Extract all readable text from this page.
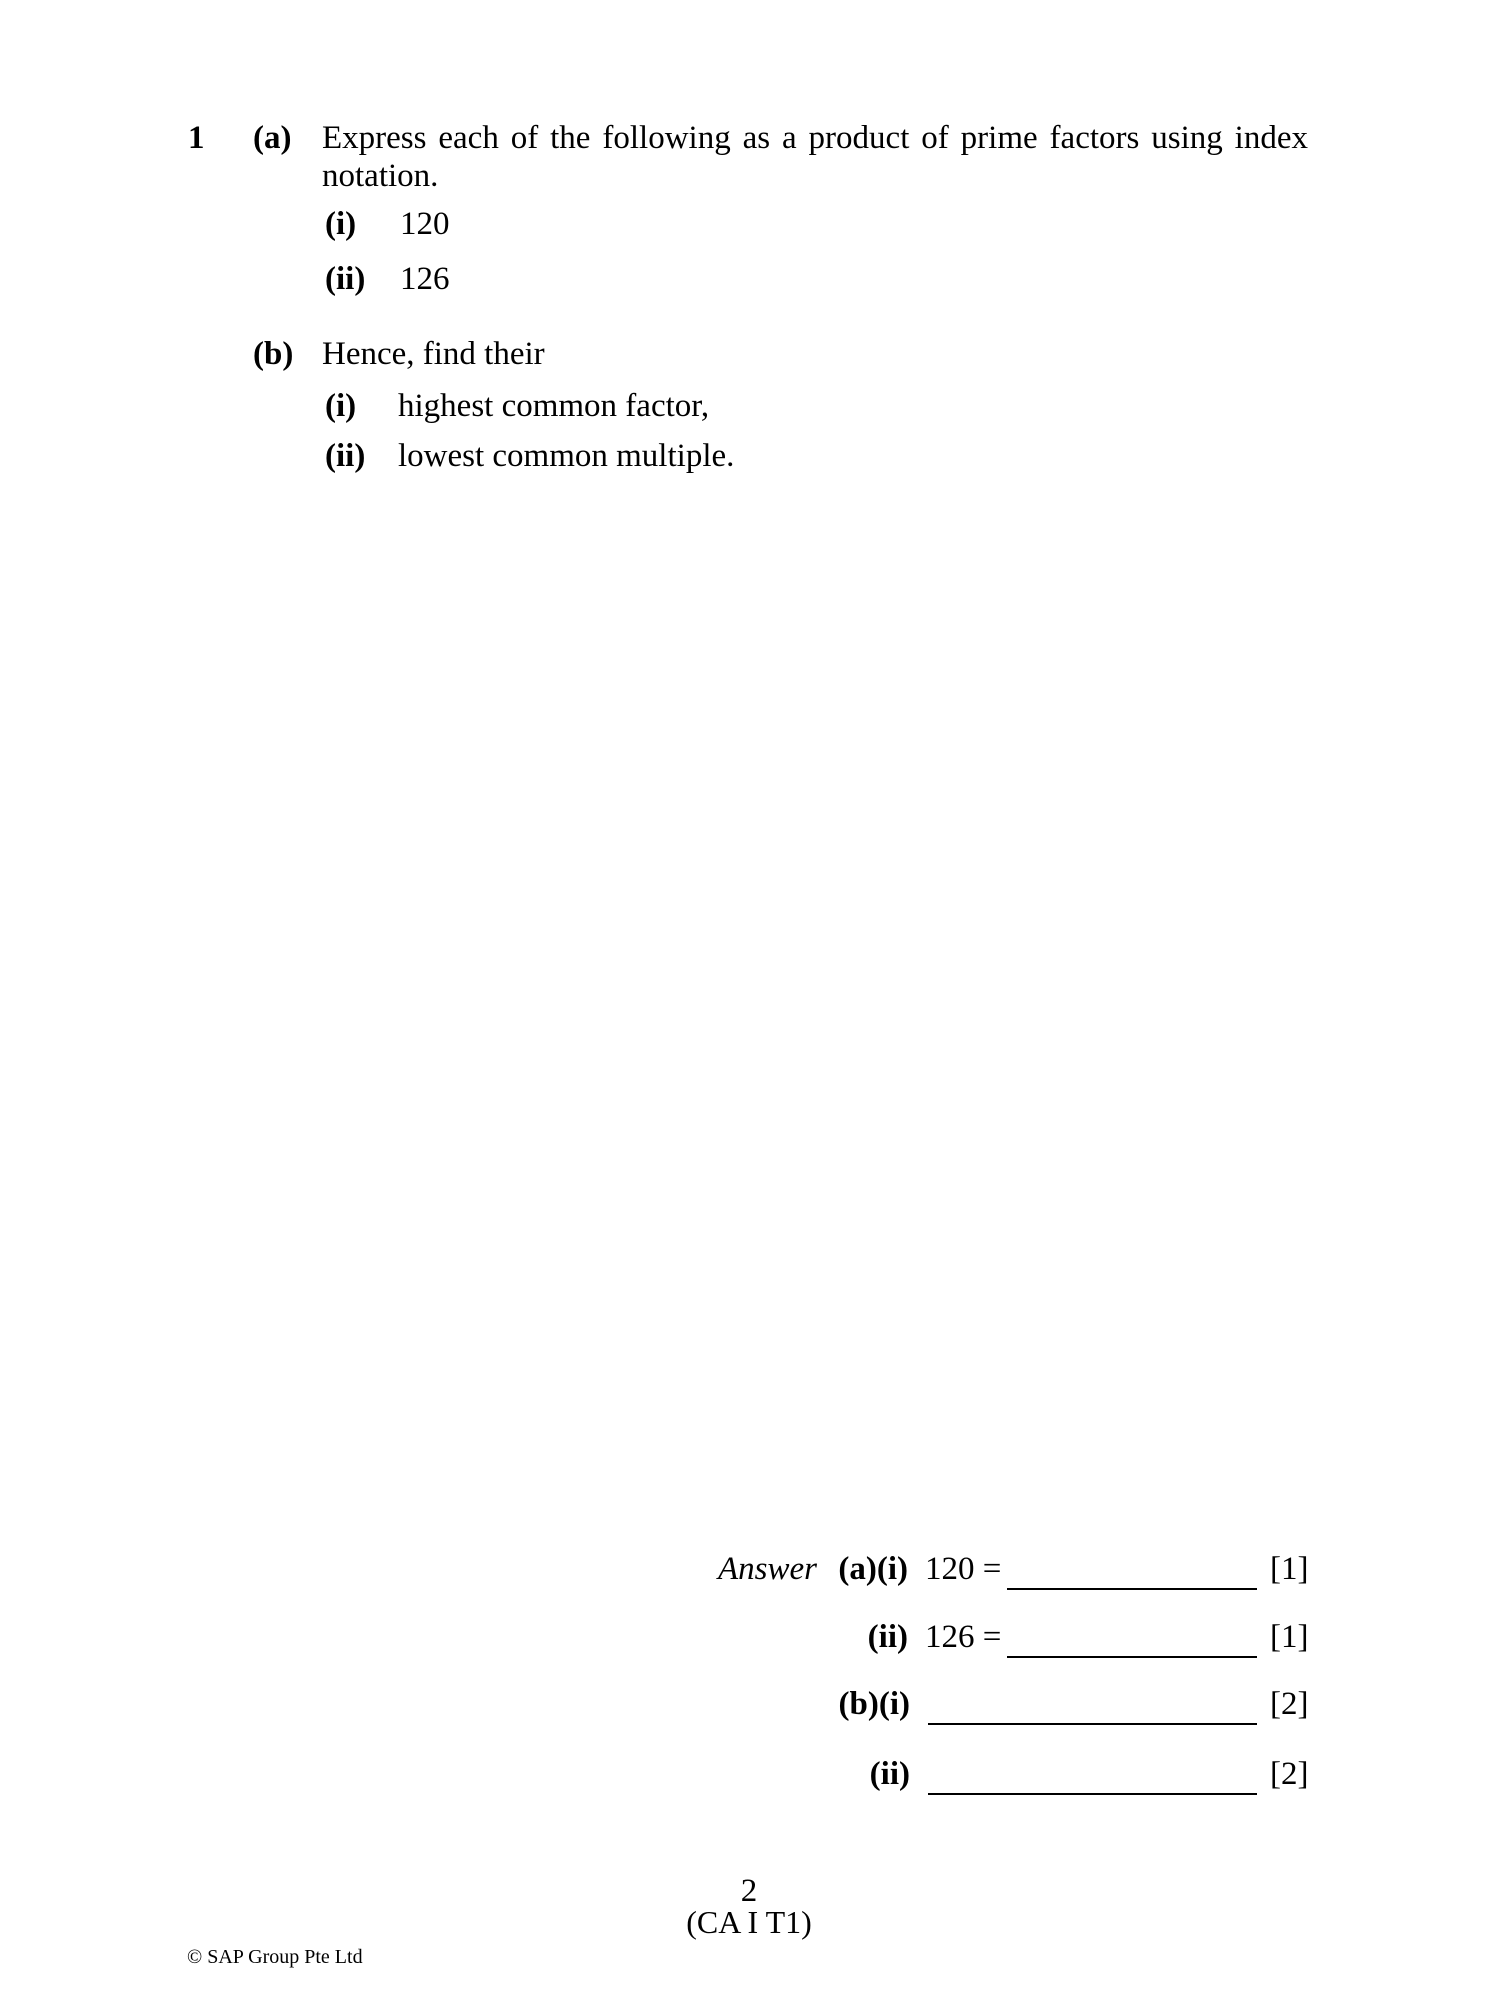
1 (a) Express each of the following as a product of prime factors using index
notation.
(i) 120
(ii) 126
(b) Hence, find their
(i) highest common factor,
(ii) lowest common multiple.
Answer (a)(i) 120 =	[1]
(ii) 126 =	[1]
(b)(i)	[2]
(ii)	[2]
2
(CA I T1)
© SAP Group Pte Ltd
